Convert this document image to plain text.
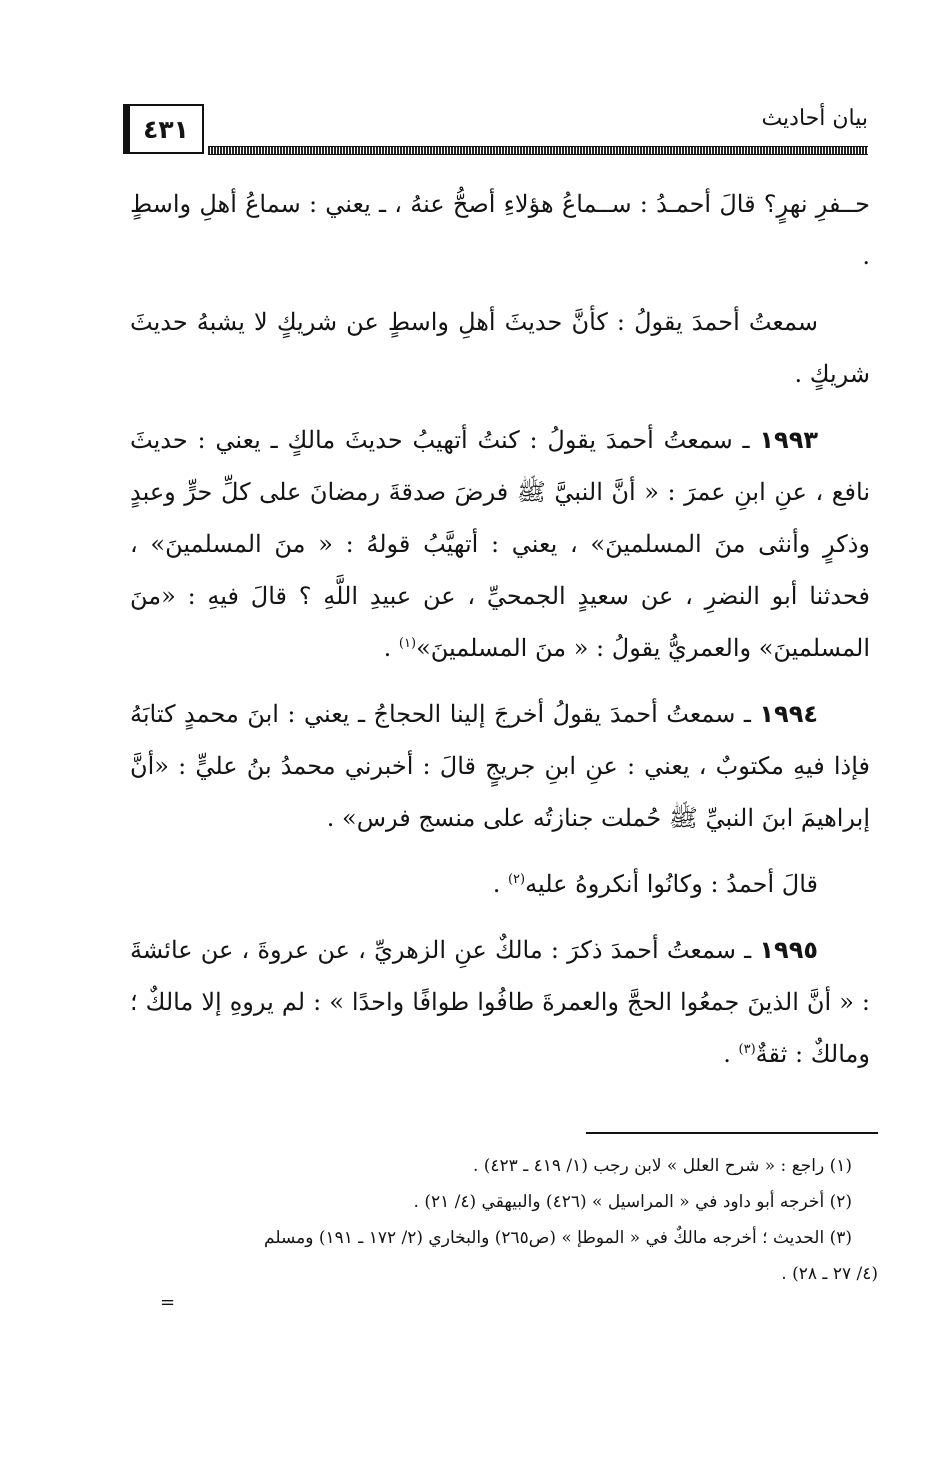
٤٣١	بيان أحاديث

حــفرِ نهرٍ؟ قالَ أحمـدُ : ســماعُ هؤلاءِ أصحُّ عنهُ ، ـ يعني : سماعُ أهلِ واسطٍ .

سمعتُ أحمدَ يقولُ : كأنَّ حديثَ أهلِ واسطٍ عن شريكٍ لا يشبهُ حديثَ شريكٍ .

١٩٩٣ ـ سمعتُ أحمدَ يقولُ : كنتُ أتهيبُ حديثَ مالكٍ ـ يعني : حديثَ نافع ، عنِ ابنِ عمرَ : « أنَّ النبيَّ ﷺ فرضَ صدقةَ رمضانَ على كلِّ حرٍّ وعبدٍ وذكرٍ وأنثى منَ المسلمينَ» ، يعني : أتهيَّبُ قولهُ : « منَ المسلمينَ» ، فحدثنا أبو النضرِ ، عن سعيدٍ الجمحيِّ ، عن عبيدِ اللَّهِ ؟ قالَ فيهِ : «منَ المسلمينَ» والعمريُّ يقولُ : « منَ المسلمينَ»$^{(١)}$ .

١٩٩٤ ـ سمعتُ أحمدَ يقولُ أخرجَ إلينا الحجاجُ ـ يعني : ابنَ محمدٍ كتابَهُ فإذا فيهِ مكتوبٌ ، يعني : عنِ ابنِ جريجٍ قالَ : أخبرني محمدُ بنُ عليٍّ : «أنَّ إبراهيمَ ابنَ النبيِّ ﷺ حُملت جنازتُه على منسج فرس» .

قالَ أحمدُ : وكانُوا أنكروهُ عليه$^{(٢)}$ .

١٩٩٥ ـ سمعتُ أحمدَ ذكرَ : مالكٌ عنِ الزهريِّ ، عن عروةَ ، عن عائشةَ : « أنَّ الذينَ جمعُوا الحجَّ والعمرةَ طافُوا طوافًا واحدًا » : لم يروهِ إلا مالكٌ ؛ ومالكٌ : ثقةٌ$^{(٣)}$ .

(١) راجع : « شرح العلل » لابن رجب (١/ ٤١٩ ـ ٤٢٣) .

(٢) أخرجه أبو داود في « المراسيل » (٤٢٦) والبيهقي (٤/ ٢١) .

(٣) الحديث ؛ أخرجه مالكٌ في « الموطإ » (ص٢٦٥) والبخاري (٢/ ١٧٢ ـ ١٩١) ومسلم

(٤/ ٢٧ ـ ٢٨) .

=
